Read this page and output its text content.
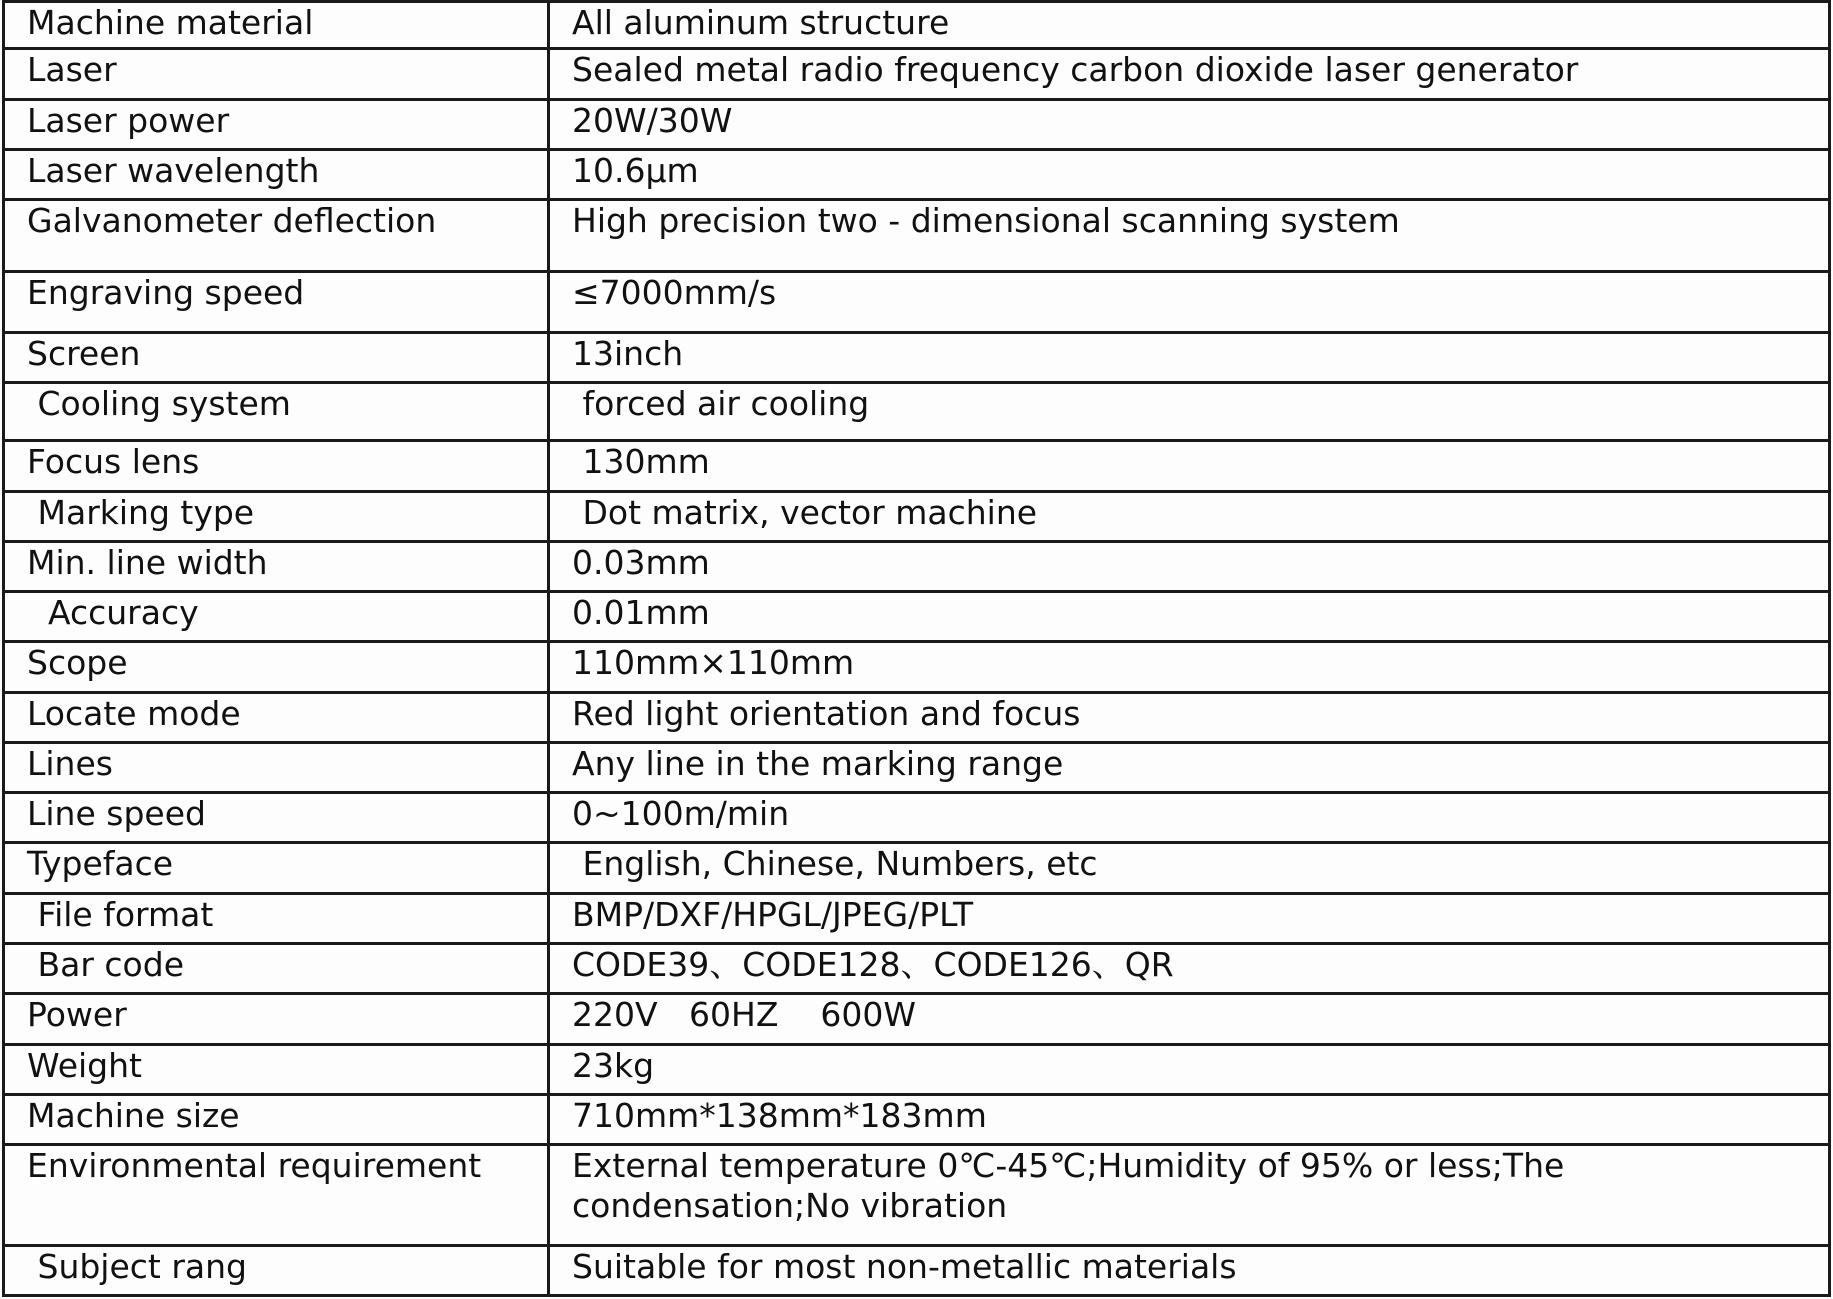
Machine material	All aluminum structure
Laser	Sealed metal radio frequency carbon dioxide laser generator
Laser power	20W/30W
Laser wavelength	10.6μm
Galvanometer deflection	High precision two - dimensional scanning system
Engraving speed	≤7000mm/s
Screen	13inch
Cooling system	forced air cooling
Focus lens	130mm
Marking type	Dot matrix, vector machine
Min. line width	0.03mm
Accuracy	0.01mm
Scope	110mm×110mm
Locate mode	Red light orientation and focus
Lines	Any line in the marking range
Line speed	0~100m/min
Typeface	English, Chinese, Numbers, etc
File format	BMP/DXF/HPGL/JPEG/PLT
Bar code	CODE39、CODE128、CODE126、QR
Power	220V   60HZ    600W
Weight	23kg
Machine size	710mm*138mm*183mm
Environmental requirement	External temperature 0℃-45℃;Humidity of 95% or less;The condensation;No vibration
Subject rang	Suitable for most non-metallic materials
